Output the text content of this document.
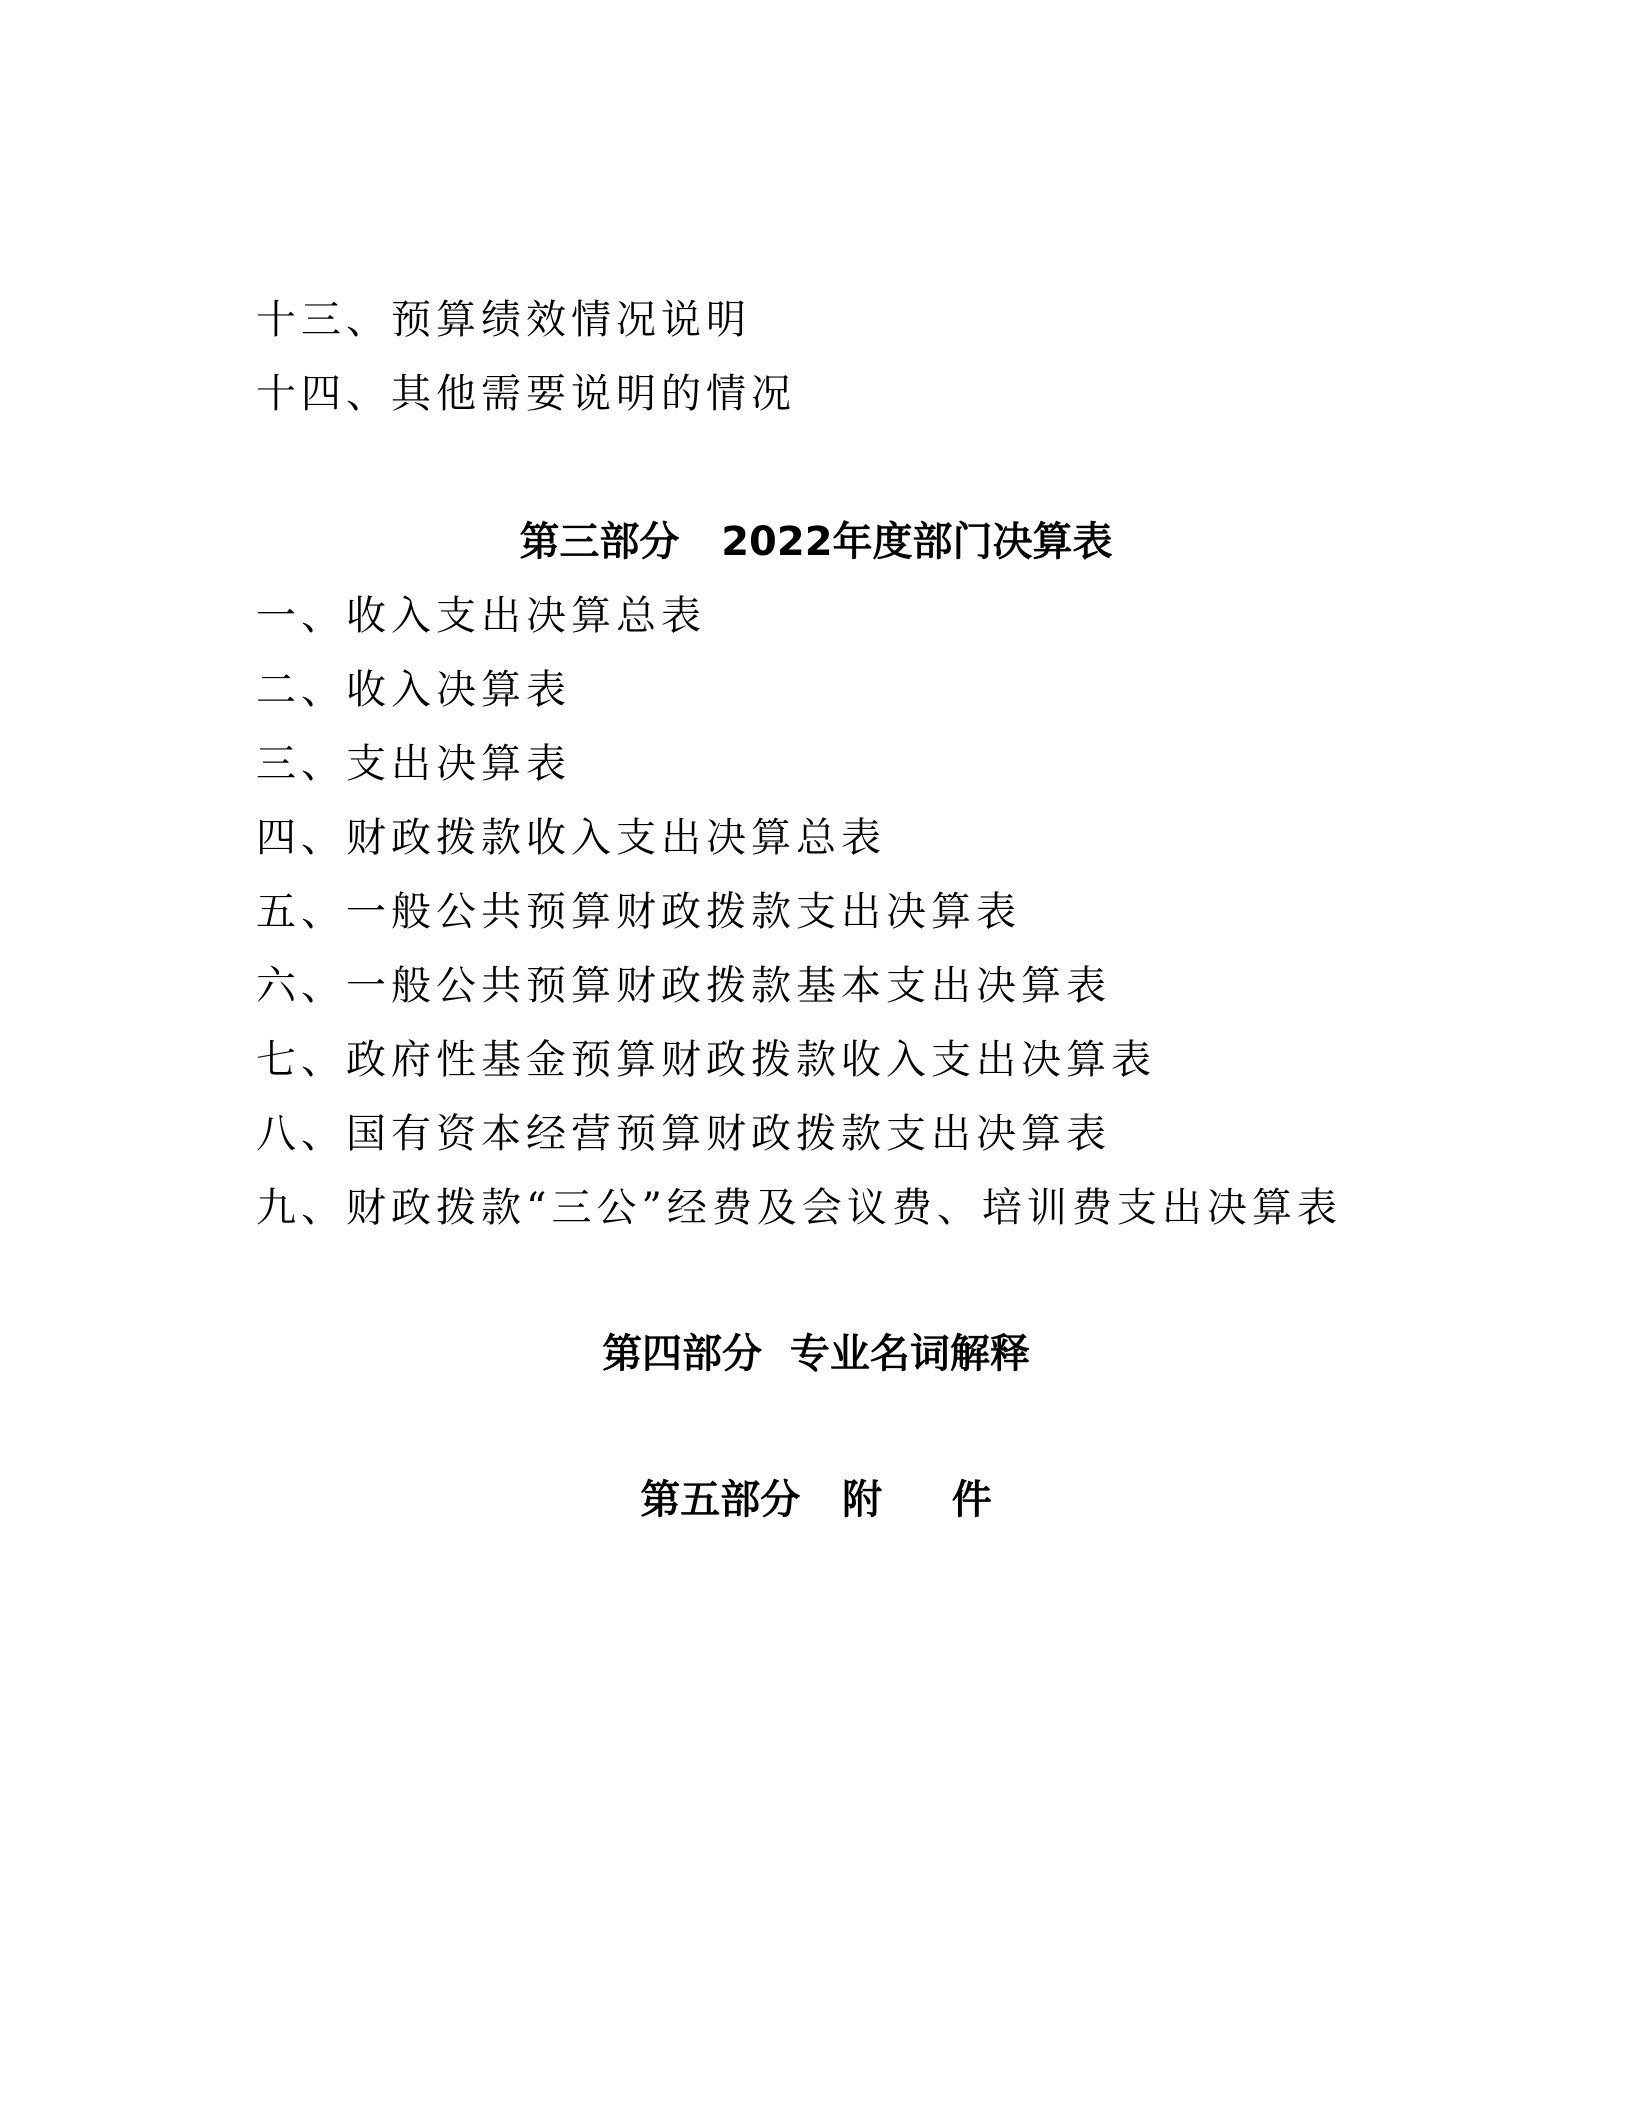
十三、预算绩效情况说明

十四、其他需要说明的情况

第三部分   2022年度部门决算表

一、收入支出决算总表

二、收入决算表

三、支出决算表

四、财政拨款收入支出决算总表

五、一般公共预算财政拨款支出决算表

六、一般公共预算财政拨款基本支出决算表

七、政府性基金预算财政拨款收入支出决算表

八、国有资本经营预算财政拨款支出决算表

九、财政拨款“三公”经费及会议费、培训费支出决算表

第四部分  专业名词解释
第五部分   附     件
